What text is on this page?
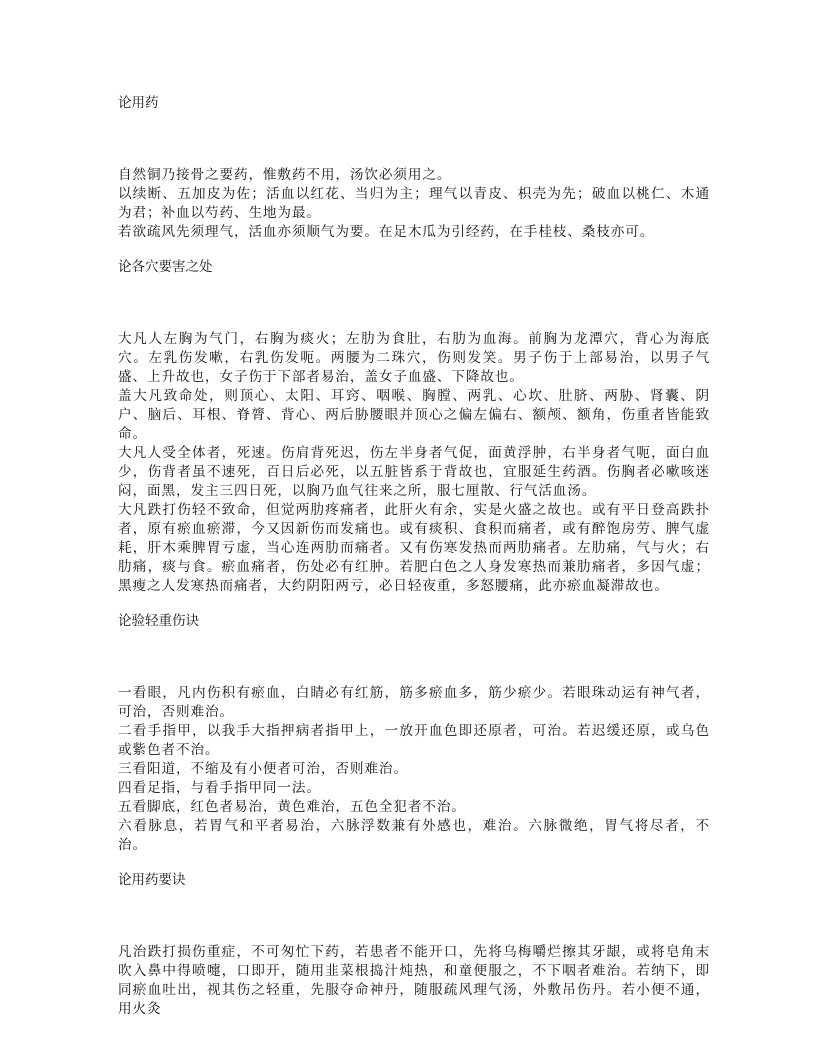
论用药

自然铜乃接骨之要药，惟敷药不用，汤饮必须用之。

以续断、五加皮为佐；活血以红花、当归为主；理气以青皮、枳壳为先；破血以桃仁、木通为君；补血以芍药、生地为最。

若欲疏风先须理气，活血亦须顺气为要。在足木瓜为引经药，在手桂枝、桑枝亦可。

论各穴要害之处

大凡人左胸为气门，右胸为痰火；左肋为食肚，右肋为血海。前胸为龙潭穴，背心为海底穴。左乳伤发嗽，右乳伤发呃。两腰为二珠穴，伤则发笑。男子伤于上部易治，以男子气盛、上升故也，女子伤于下部者易治，盖女子血盛、下降故也。

盖大凡致命处，则顶心、太阳、耳窍、咽喉、胸膛、两乳、心坎、肚脐、两胁、肾囊、阴户、脑后、耳根、脊膂、背心、两后胁腰眼并顶心之偏左偏右、额颅、额角，伤重者皆能致命。

大凡人受全体者，死速。伤肩背死迟，伤左半身者气促，面黄浮肿，右半身者气呃，面白血少，伤背者虽不速死，百日后必死，以五脏皆系于背故也，宜服延生药酒。伤胸者必嗽咳迷闷，面黑，发主三四日死，以胸乃血气往来之所，服七厘散、行气活血汤。

大凡跌打伤轻不致命，但觉两肋疼痛者，此肝火有余，实是火盛之故也。或有平日登高跌扑者，原有瘀血瘀滞，今又因新伤而发痛也。或有痰积、食积而痛者，或有醉饱房劳、脾气虚耗，肝木乘脾胃亏虚，当心连两肋而痛者。又有伤寒发热而两肋痛者。左肋痛，气与火；右肋痛，痰与食。瘀血痛者，伤处必有红肿。若肥白色之人身发寒热而兼肋痛者，多因气虚；黑瘦之人发寒热而痛者，大约阴阳两亏，必日轻夜重，多怒腰痛，此亦瘀血凝滞故也。

论验轻重伤诀

一看眼，凡内伤积有瘀血，白睛必有红筋，筋多瘀血多，筋少瘀少。若眼珠动运有神气者，可治，否则难治。

二看手指甲，以我手大指押病者指甲上，一放开血色即还原者，可治。若迟缓还原，或乌色或紫色者不治。

三看阳道，不缩及有小便者可治，否则难治。

四看足指，与看手指甲同一法。

五看脚底，红色者易治，黄色难治，五色全犯者不治。

六看脉息，若胃气和平者易治，六脉浮数兼有外感也，难治。六脉微绝，胃气将尽者，不治。

论用药要诀

凡治跌打损伤重症，不可匆忙下药，若患者不能开口，先将乌梅嚼烂擦其牙龈，或将皂角末吹入鼻中得喷嚏，口即开，随用韭菜根捣汁炖热，和童便服之，不下咽者难治。若纳下，即同瘀血吐出，视其伤之轻重，先服夺命神丹，随服疏风理气汤，外敷吊伤丹。若小便不通，用火灸
